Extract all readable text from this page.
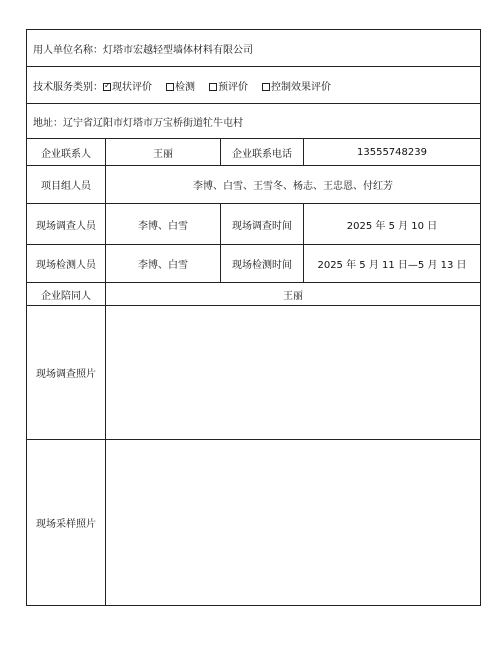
用人单位名称：灯塔市宏越轻型墙体材料有限公司			
技术服务类别： ✓ 现状评价 检测 预评价 控制效果评价
地址：辽宁省辽阳市灯塔市万宝桥街道牤牛屯村			
企业联系人	王丽	企业联系电话	13555748239
项目组人员	李博、白雪、王雪冬、杨志、王忠恩、付红芳		
现场调查人员	李博、白雪	现场调查时间	2025 年 5 月 10 日
现场检测人员	李博、白雪	现场检测时间	2025 年 5 月 11 日—5 月 13 日
企业陪同人	王丽		
现场调查照片			
现场采样照片			
